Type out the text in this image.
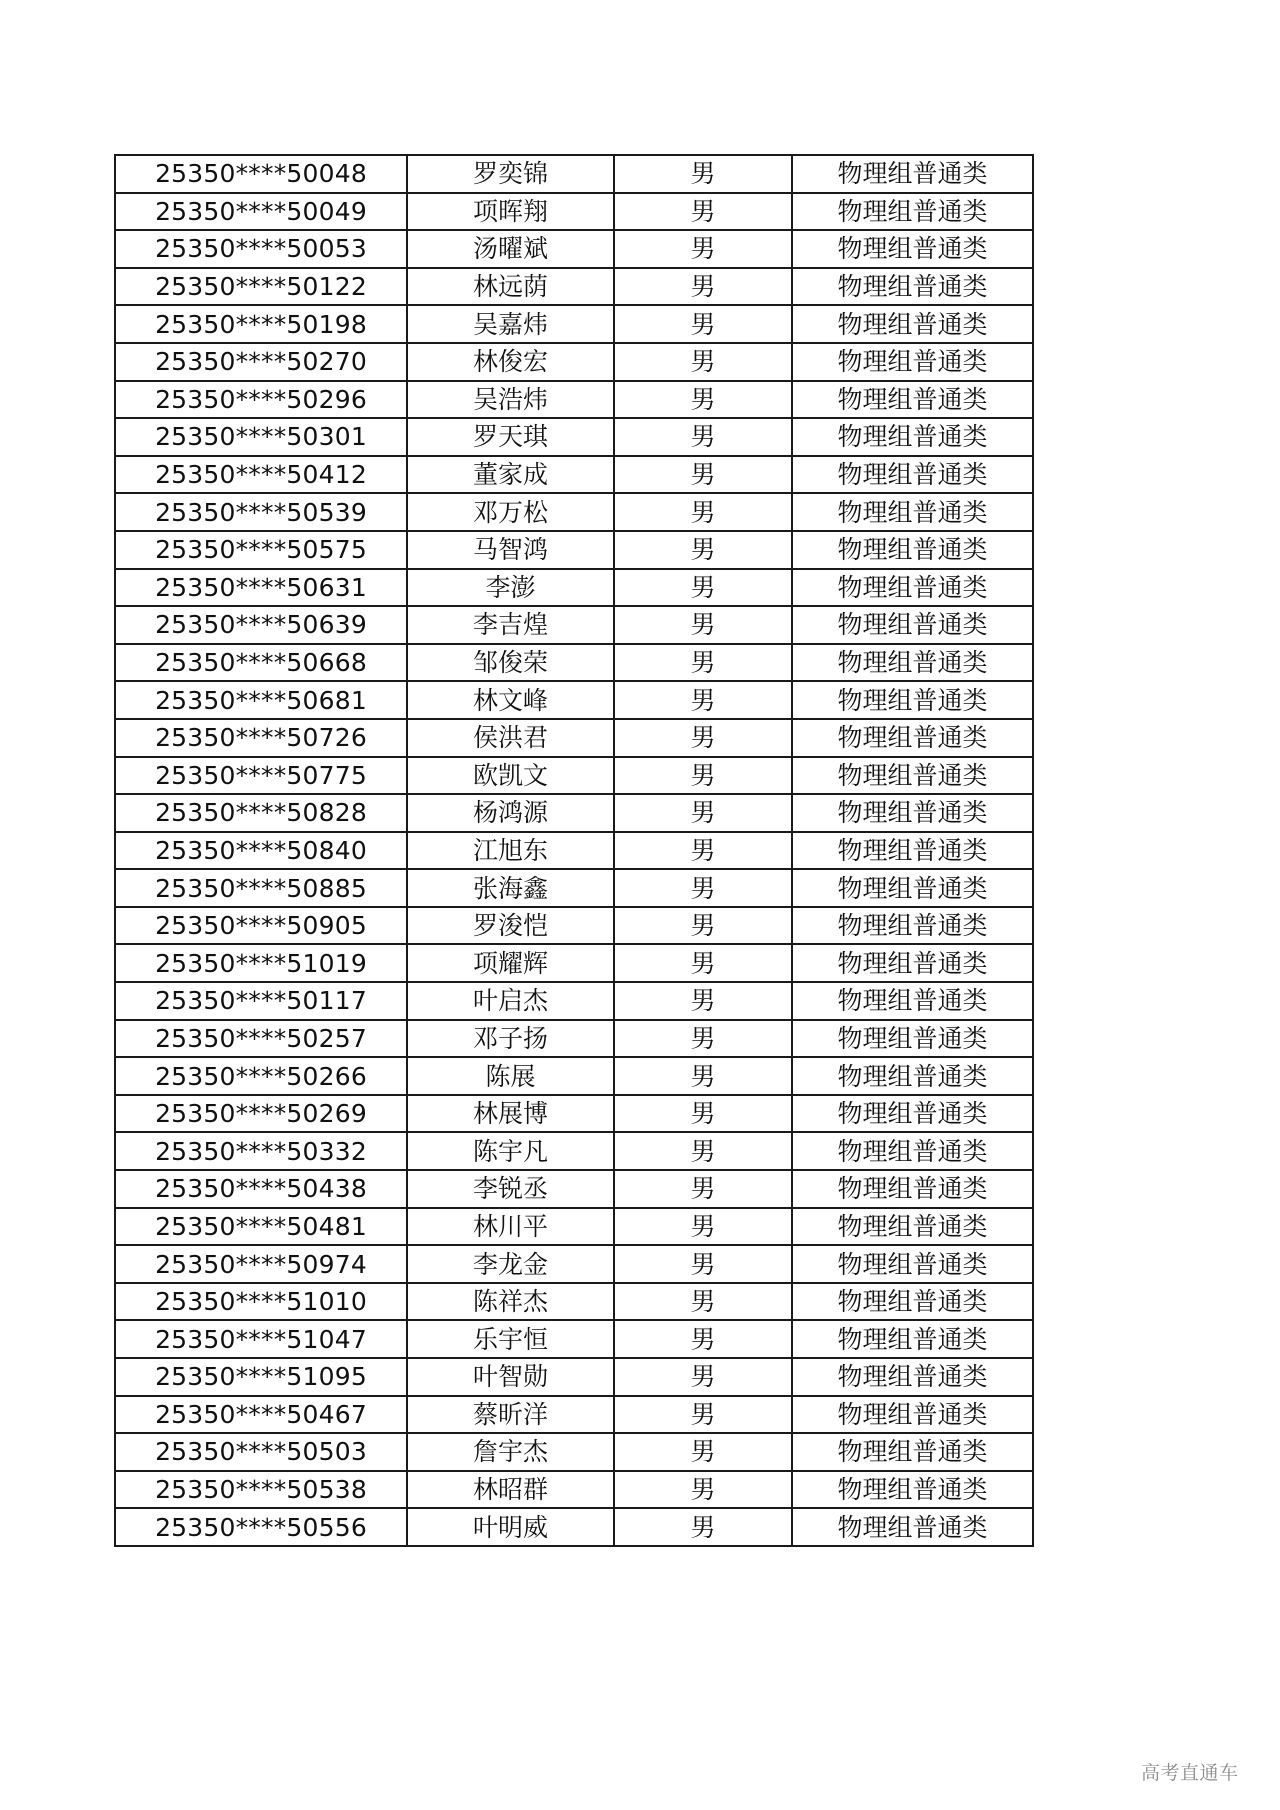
25350****50048	罗奕锦	男	物理组普通类
25350****50049	项晖翔	男	物理组普通类
25350****50053	汤曜斌	男	物理组普通类
25350****50122	林远荫	男	物理组普通类
25350****50198	吴嘉炜	男	物理组普通类
25350****50270	林俊宏	男	物理组普通类
25350****50296	吴浩炜	男	物理组普通类
25350****50301	罗天琪	男	物理组普通类
25350****50412	董家成	男	物理组普通类
25350****50539	邓万松	男	物理组普通类
25350****50575	马智鸿	男	物理组普通类
25350****50631	李澎	男	物理组普通类
25350****50639	李吉煌	男	物理组普通类
25350****50668	邹俊荣	男	物理组普通类
25350****50681	林文峰	男	物理组普通类
25350****50726	侯洪君	男	物理组普通类
25350****50775	欧凯文	男	物理组普通类
25350****50828	杨鸿源	男	物理组普通类
25350****50840	江旭东	男	物理组普通类
25350****50885	张海鑫	男	物理组普通类
25350****50905	罗浚恺	男	物理组普通类
25350****51019	项耀辉	男	物理组普通类
25350****50117	叶启杰	男	物理组普通类
25350****50257	邓子扬	男	物理组普通类
25350****50266	陈展	男	物理组普通类
25350****50269	林展博	男	物理组普通类
25350****50332	陈宇凡	男	物理组普通类
25350****50438	李锐丞	男	物理组普通类
25350****50481	林川平	男	物理组普通类
25350****50974	李龙金	男	物理组普通类
25350****51010	陈祥杰	男	物理组普通类
25350****51047	乐宇恒	男	物理组普通类
25350****51095	叶智勋	男	物理组普通类
25350****50467	蔡昕洋	男	物理组普通类
25350****50503	詹宇杰	男	物理组普通类
25350****50538	林昭群	男	物理组普通类
25350****50556	叶明威	男	物理组普通类
高考直通车
